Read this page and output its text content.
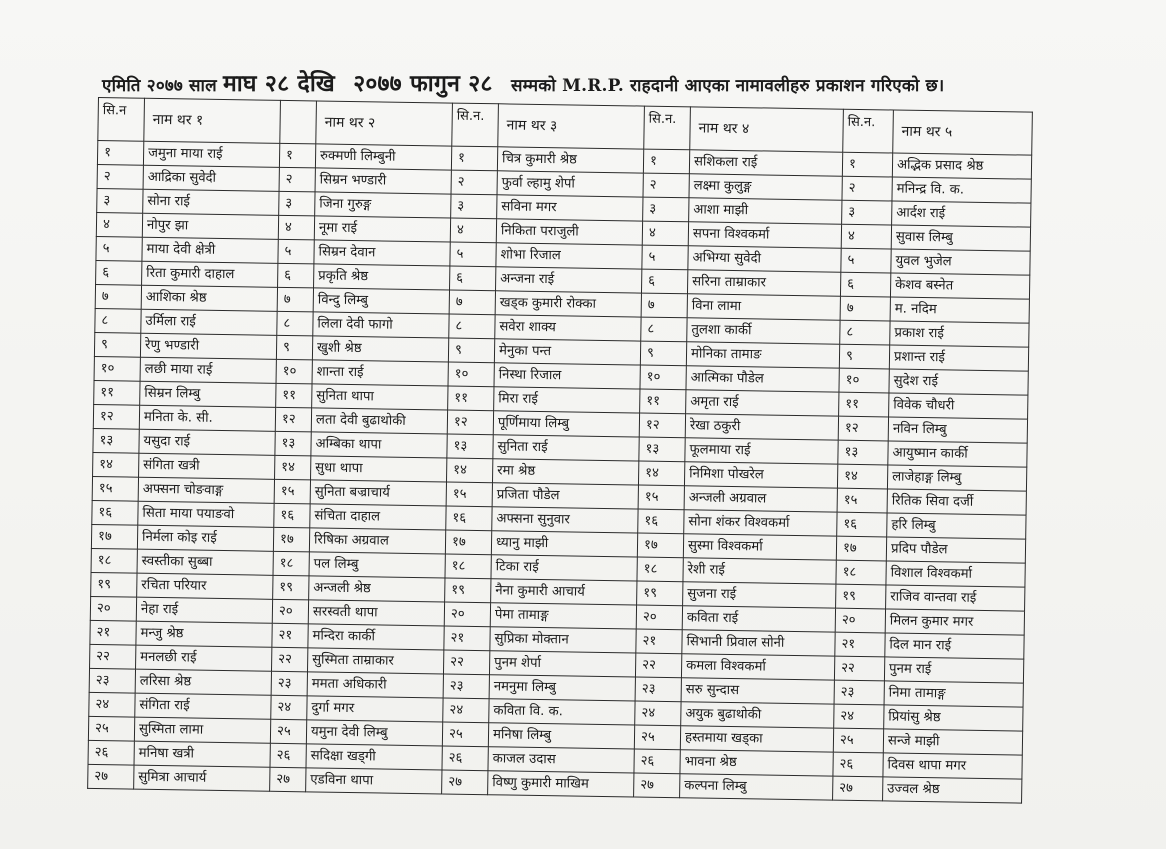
एमिति २०७७ साल माघ २८ देखि २०७७ फागुन २८ सम्मको M.R.P. राहदानी आएका नामावलीहरु प्रकाशन गरिएको छ।
सि.न	नाम थर १		नाम थर २	सि.न.	नाम थर ३	सि.न.	नाम थर ४	सि.न.	नाम थर ५
१	जमुना माया राई	१	रुक्मणी लिम्बुनी	१	चित्र कुमारी श्रेष्ठ	१	सशिकला राई	१	अद्भिक प्रसाद श्रेष्ठ
२	आद्रिका सुवेदी	२	सिम्रन भण्डारी	२	फुर्वा ल्हामु शेर्पा	२	लक्ष्मा कुलुङ्ग	२	मनिन्द्र वि. क.
३	सोना राई	३	जिना गुरुङ्ग	३	सविना मगर	३	आशा माझी	३	आर्दश राई
४	नोपुर झा	४	नूमा राई	४	निकिता पराजुली	४	सपना विश्वकर्मा	४	सुवास लिम्बु
५	माया देवी क्षेत्री	५	सिम्रन देवान	५	शोभा रिजाल	५	अभिग्या सुवेदी	५	युवल भुजेल
६	रिता कुमारी दाहाल	६	प्रकृति श्रेष्ठ	६	अन्जना राई	६	सरिना ताम्राकार	६	केशव बस्नेत
७	आशिका श्रेष्ठ	७	विन्दु लिम्बु	७	खड्क कुमारी रोक्का	७	विना लामा	७	म. नदिम
८	उर्मिला राई	८	लिला देवी फागो	८	सवेरा शाक्य	८	तुलशा कार्की	८	प्रकाश राई
९	रेणु भण्डारी	९	खुशी श्रेष्ठ	९	मेनुका पन्त	९	मोनिका तामाङ	९	प्रशान्त राई
१०	लछी माया राई	१०	शान्ता राई	१०	निस्था रिजाल	१०	आत्मिका पौडेल	१०	सुदेश राई
११	सिम्रन लिम्बु	११	सुनिता थापा	११	मिरा राई	११	अमृता राई	११	विवेक चौधरी
१२	मनिता के. सी.	१२	लता देवी बुढाथोकी	१२	पूर्णिमाया लिम्बु	१२	रेखा ठकुरी	१२	नविन लिम्बु
१३	यसुदा राई	१३	अम्बिका थापा	१३	सुनिता राई	१३	फूलमाया राई	१३	आयुष्मान कार्की
१४	संगिता खत्री	१४	सुधा थापा	१४	रमा श्रेष्ठ	१४	निमिशा पोखरेल	१४	लाजेहाङ्ग लिम्बु
१५	अफ्सना चोङवाङ्ग	१५	सुनिता बज्राचार्य	१५	प्रजिता पौडेल	१५	अन्जली अग्रवाल	१५	रितिक सिवा दर्जी
१६	सिता माया पयाङवो	१६	संचिता दाहाल	१६	अफ्सना सुनुवार	१६	सोना शंकर विश्वकर्मा	१६	हरि लिम्बु
१७	निर्मला कोइ राई	१७	रिषिका अग्रवाल	१७	ध्यानु माझी	१७	सुस्मा विश्वकर्मा	१७	प्रदिप पौडेल
१८	स्वस्तीका सुब्बा	१८	पल लिम्बु	१८	टिका राई	१८	रेशी राई	१८	विशाल विश्वकर्मा
१९	रचिता परियार	१९	अन्जली श्रेष्ठ	१९	नैना कुमारी आचार्य	१९	सुजना राई	१९	राजिव वान्तवा राई
२०	नेहा राई	२०	सरस्वती थापा	२०	पेमा तामाङ्ग	२०	कविता राई	२०	मिलन कुमार मगर
२१	मन्जु श्रेष्ठ	२१	मन्दिरा कार्की	२१	सुप्रिका मोक्तान	२१	सिभानी प्रिवाल सोनी	२१	दिल मान राई
२२	मनलछी राई	२२	सुस्मिता ताम्राकार	२२	पुनम शेर्पा	२२	कमला विश्वकर्मा	२२	पुनम राई
२३	लरिसा श्रेष्ठ	२३	ममता अधिकारी	२३	नमनुमा लिम्बु	२३	सरु सुन्दास	२३	निमा तामाङ्ग
२४	संगिता राई	२४	दुर्गा मगर	२४	कविता वि. क.	२४	अयुक बुढाथोकी	२४	प्रियांसु श्रेष्ठ
२५	सुस्मिता लामा	२५	यमुना देवी लिम्बु	२५	मनिषा लिम्बु	२५	हस्तमाया खड्का	२५	सन्जे माझी
२६	मनिषा खत्री	२६	सदिक्षा खड्गी	२६	काजल उदास	२६	भावना श्रेष्ठ	२६	दिवस थापा मगर
२७	सुमित्रा आचार्य	२७	एडविना थापा	२७	विष्णु कुमारी माखिम	२७	कल्पना लिम्बु	२७	उज्वल श्रेष्ठ
